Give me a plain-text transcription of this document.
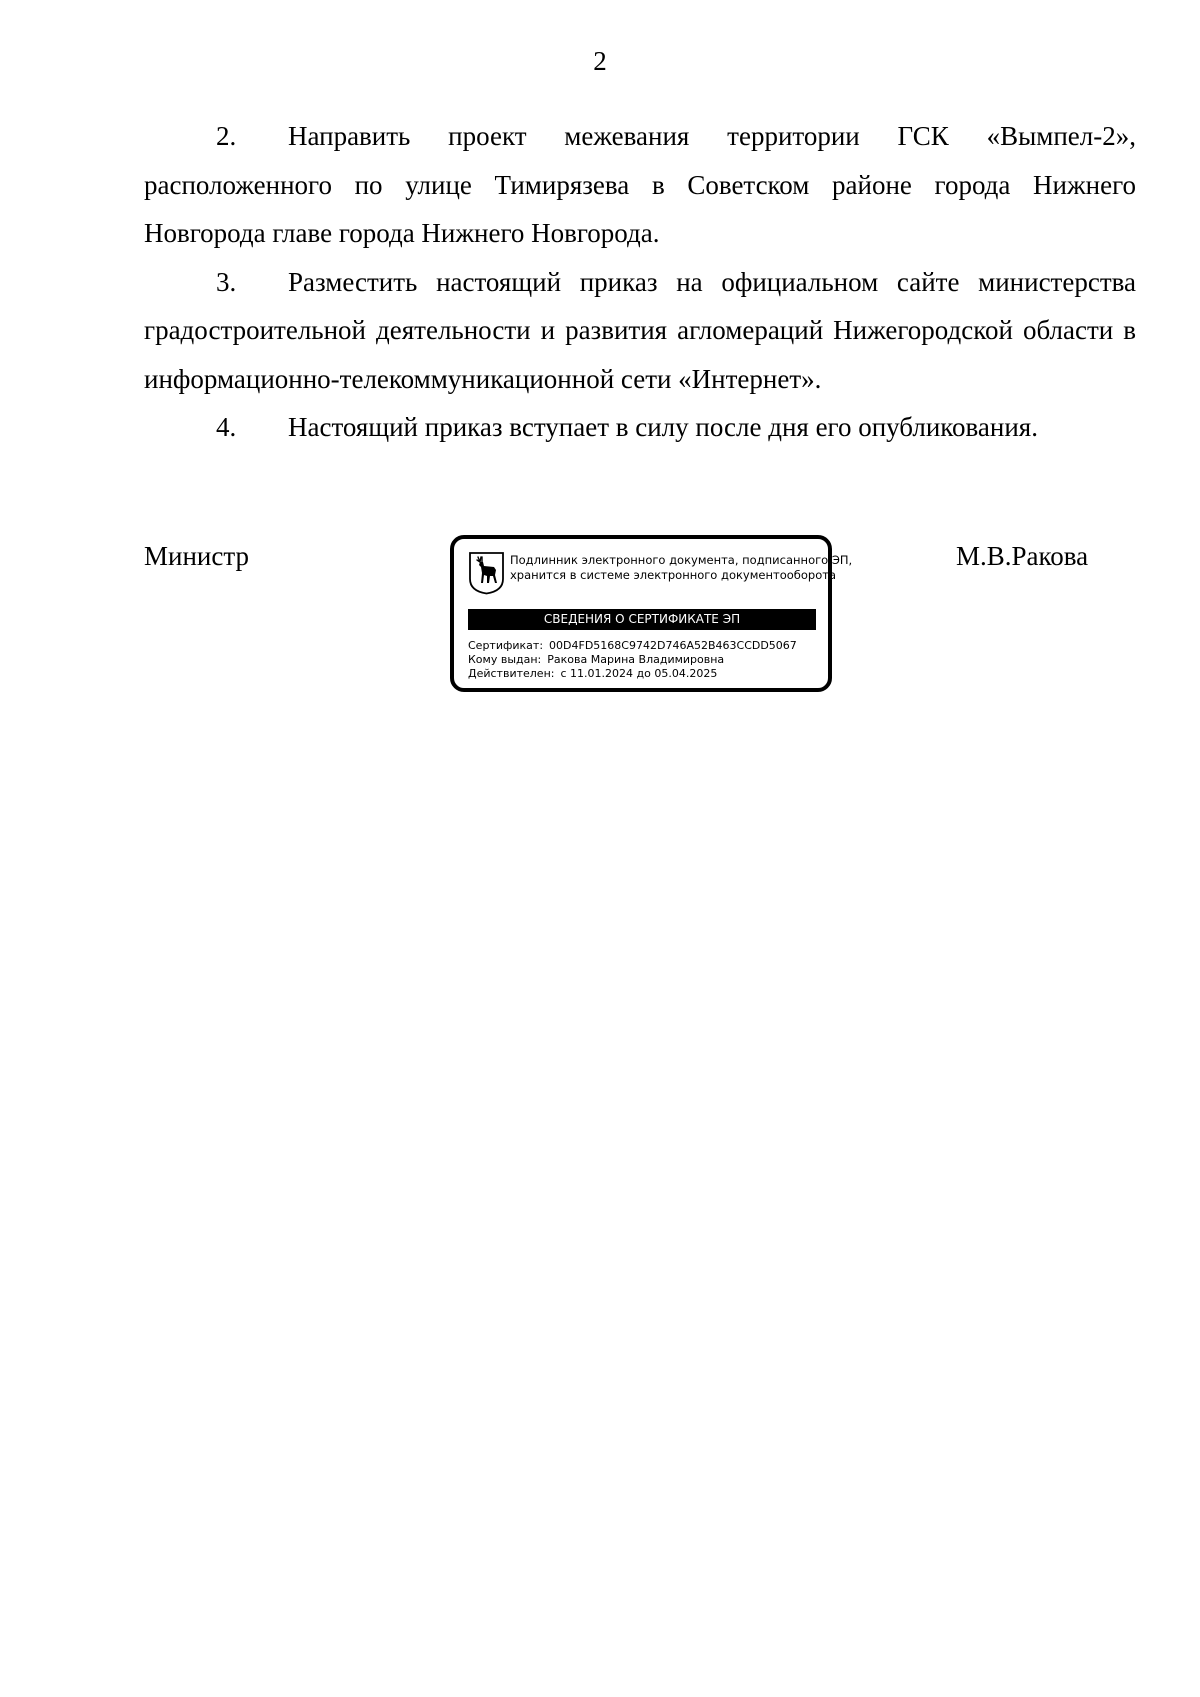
2

2. Направить проект межевания территории ГСК «Вымпел-2», расположенного по улице Тимирязева в Советском районе города Нижнего Новгорода главе города Нижнего Новгорода.

3. Разместить настоящий приказ на официальном сайте министерства градостроительной деятельности и развития агломераций Нижегородской области в информационно-телекоммуникационной сети «Интернет».

4. Настоящий приказ вступает в силу после дня его опубликования.

Министр	М.В.Ракова
Подлинник электронного документа, подписанного ЭП,
хранится в системе электронного документооборота
СВЕДЕНИЯ О СЕРТИФИКАТЕ ЭП
Сертификат: 00D4FD5168C9742D746A52B463CCDD5067
Кому выдан: Ракова Марина Владимировна
Действителен: с 11.01.2024 до 05.04.2025
